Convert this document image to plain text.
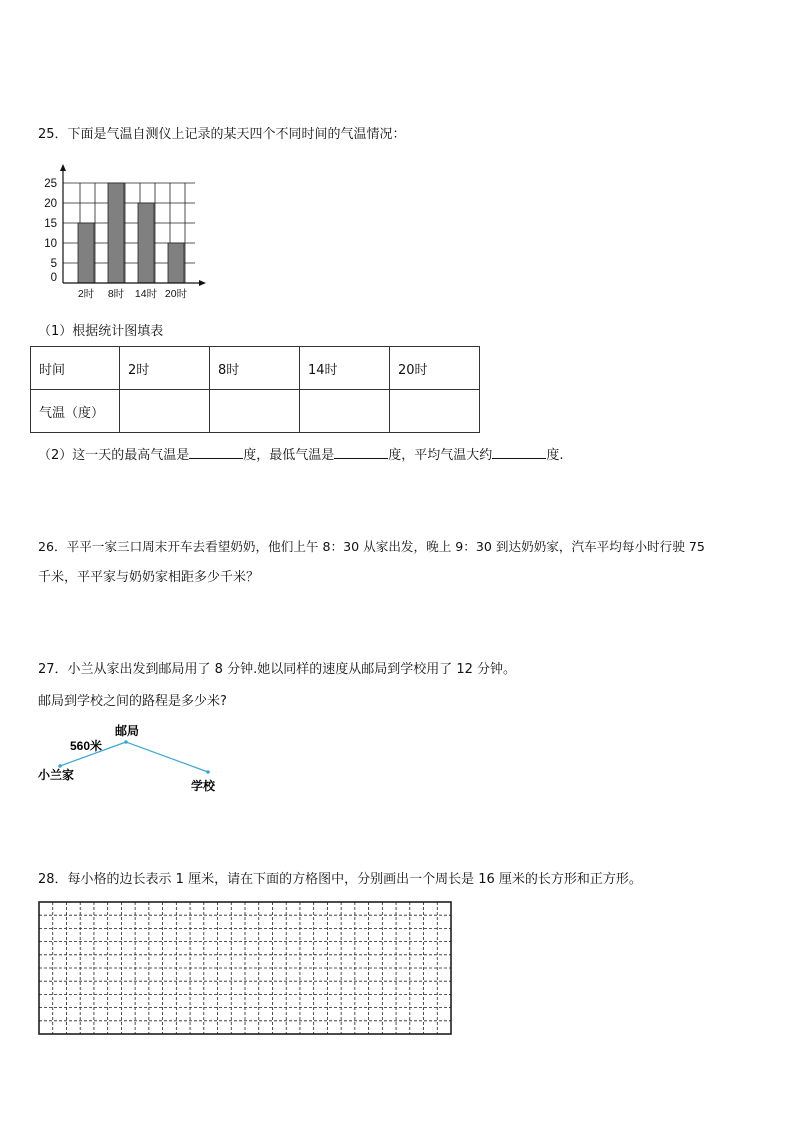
25．下面是气温自测仪上记录的某天四个不同时间的气温情况：
0
5
10
15
20
25
2时 8时 14时 20时
（1）根据统计图填表
时间	2时	8时	14时	20时
气温（度）				
（2）这一天的最高气温是	度，最低气温是	度，平均气温大约	度.
26．平平一家三口周末开车去看望奶奶，他们上午 8：30 从家出发，晚上 9：30 到达奶奶家，汽车平均每小时行驶 75
千米，平平家与奶奶家相距多少千米？
27．小兰从家出发到邮局用了 8 分钟.她以同样的速度从邮局到学校用了 12 分钟。
邮局到学校之间的路程是多少米?
邮局
560米
小兰家
学校
28．每小格的边长表示 1 厘米，请在下面的方格图中，分别画出一个周长是 16 厘米的长方形和正方形。
